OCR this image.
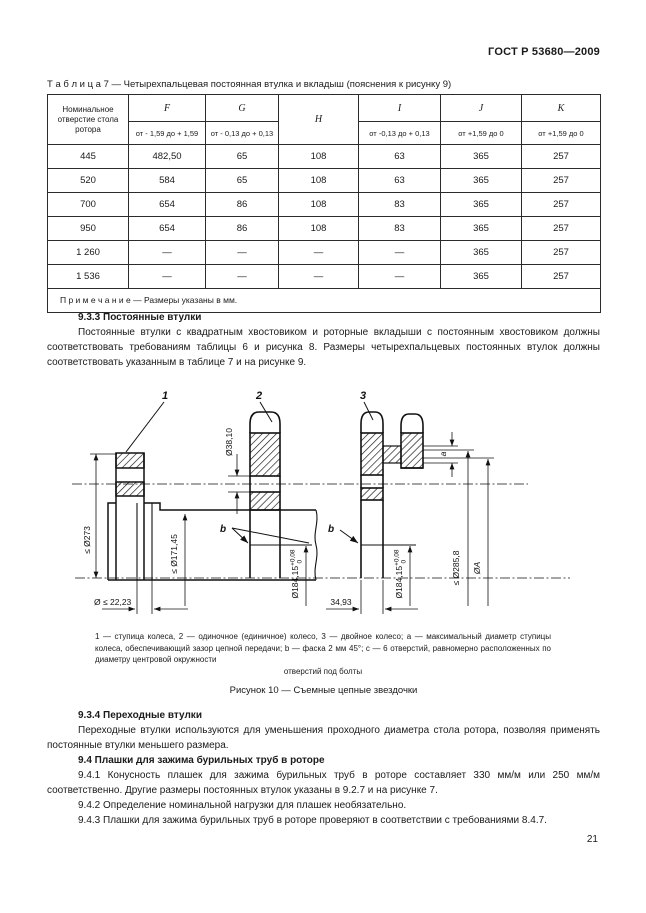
ГОСТ Р 53680—2009
Т а б л и ц а 7 — Четырехпальцевая постоянная втулка и вкладыш (пояснения к рисунку 9)
Номинальное отверстие стола ротора	F	G	H	I	J	K
	от - 1,59 до + 1,59	от - 0,13 до + 0,13		от -0,13 до + 0,13	от +1,59 до 0	от +1,59 до 0
445	482,50	65	108	63	365	257
520	584	65	108	63	365	257
700	654	86	108	83	365	257
950	654	86	108	83	365	257
1 260	—	—	—	—	365	257
1 536	—	—	—	—	365	257
П р и м е ч а н и е — Размеры указаны в мм.						
9.3.3 Постоянные втулки

Постоянные втулки с квадратным хвостовиком и роторные вкладыши с постоянным хвостовиком должны соответствовать требованиям таблицы 6 и рисунка 8. Размеры четырехпальцевых постоянных втулок должны соответствовать указанным в таблице 7 и на рисунке 9.

1
≤ Ø273
Ø ≤ 22,23
≤ Ø171,45
2
Ø38,10
b
$Ø184,15^{+0,08}0$
3
b
a
34,93
$Ø184,15^{+0,08}0$	≤ Ø285,8 ØA
1 — ступица колеса, 2 — одиночное (единичное) колесо, 3 — двойное колесо; а — максимальный диаметр ступицы колеса, обеспечивающий зазор цепной передачи; b — фаска 2 мм 45°; с — 6 отверстий, равномерно расположенных по диаметру центровой окружности
отверстий под болты
Рисунок 10 — Съемные цепные звездочки
9.3.4 Переходные втулки

Переходные втулки используются для уменьшения проходного диаметра стола ротора, позволяя применять постоянные втулки меньшего размера.

9.4 Плашки для зажима бурильных труб в роторе

9.4.1 Конусность плашек для зажима бурильных труб в роторе составляет 330 мм/м или 250 мм/м соответственно. Другие размеры постоянных втулок указаны в 9.2.7 и на рисунке 7.

9.4.2 Определение номинальной нагрузки для плашек необязательно.

9.4.3 Плашки для зажима бурильных труб в роторе проверяют в соответствии с требованиями 8.4.7.

21
